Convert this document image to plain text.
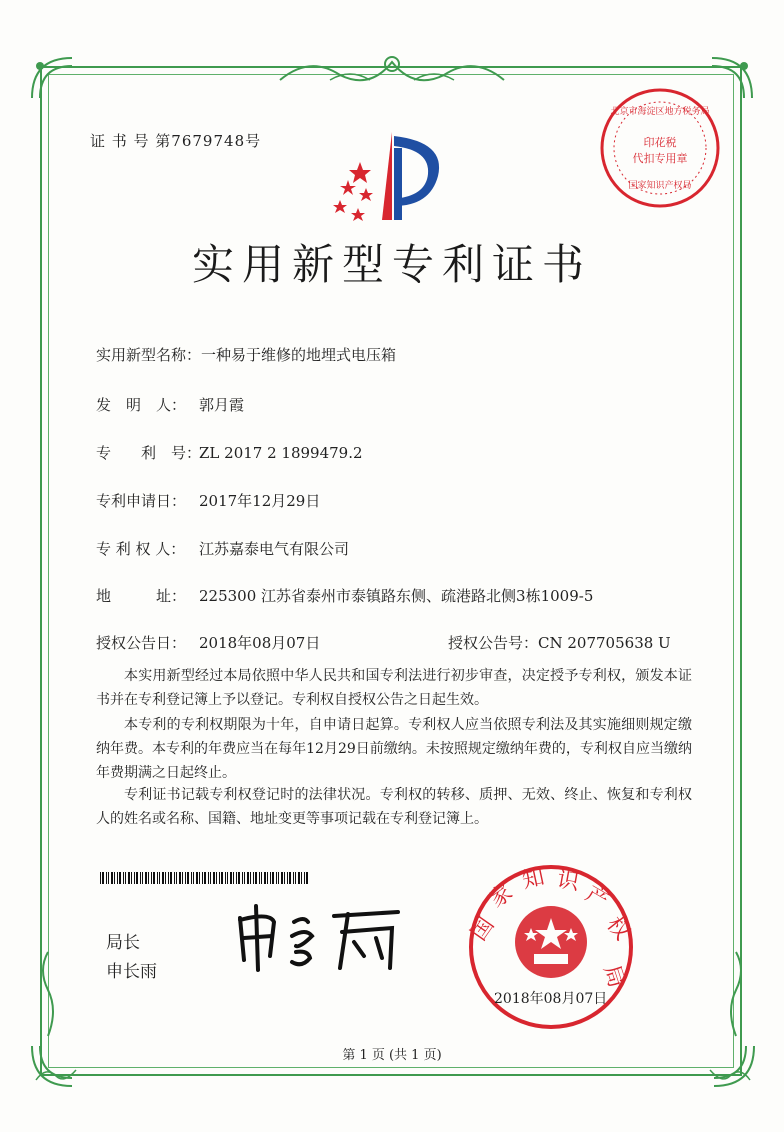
证 书 号 第7679748号
北京市海淀区地方税务局
印花税
代扣专用章
国家知识产权局
实用新型专利证书
实用新型名称：一种易于维修的地埋式电压箱
发　明　人： 郭月霞
专　　利　号：ZL 2017 2 1899479.2
专利申请日： 2017年12月29日
专 利 权 人： 江苏嘉泰电气有限公司
地　　　址： 225300 江苏省泰州市泰镇路东侧、疏港路北侧3栋1009-5
授权公告日： 2018年08月07日	授权公告号：CN 207705638 U
本实用新型经过本局依照中华人民共和国专利法进行初步审查，决定授予专利权，颁发本证书并在专利登记簿上予以登记。专利权自授权公告之日起生效。
本专利的专利权期限为十年，自申请日起算。专利权人应当依照专利法及其实施细则规定缴纳年费。本专利的年费应当在每年12月29日前缴纳。未按照规定缴纳年费的，专利权自应当缴纳年费期满之日起终止。
专利证书记载专利权登记时的法律状况。专利权的转移、质押、无效、终止、恢复和专利权人的姓名或名称、国籍、地址变更等事项记载在专利登记簿上。
局长
申长雨
国
家
知 识
产
权
局
2018年08月07日
第 1 页 (共 1 页)
